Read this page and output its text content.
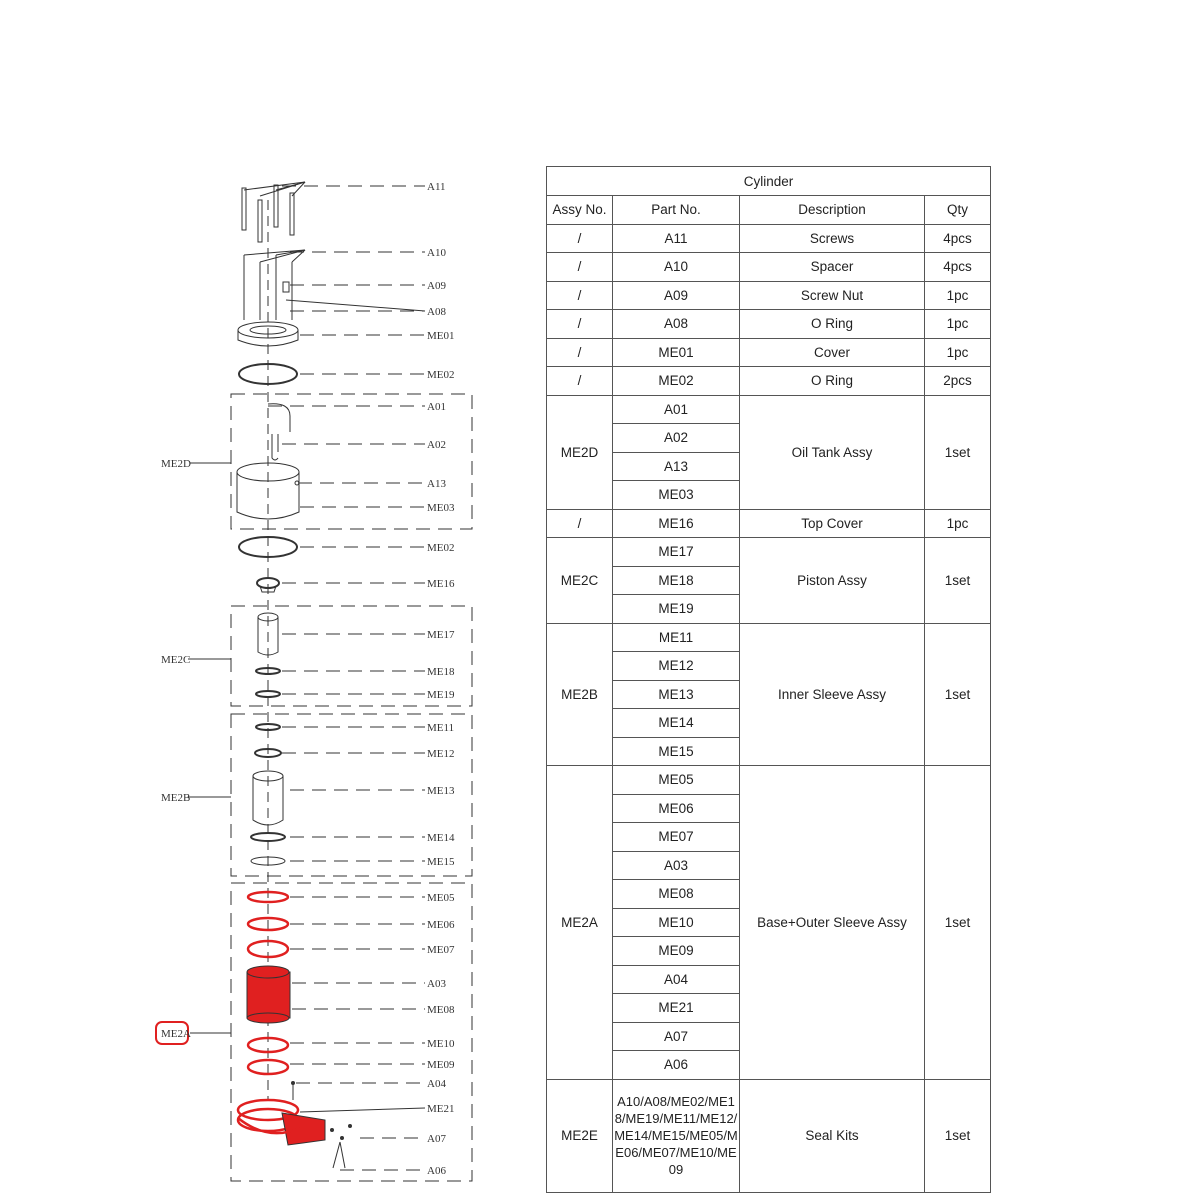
A11
A10
A09
A08
ME01
ME02
A01
A02
A13
ME03
ME02
ME16
ME17
ME18
ME19
ME11
ME12
ME13
ME14
ME15
ME05
ME06
ME07
A03
ME08
ME10
ME09
A04
ME21
A07
A06
ME2D
ME2C
ME2B
ME2A
Cylinder			
Assy No.	Part No.	Description	Qty
/	A11	Screws	4pcs
/	A10	Spacer	4pcs
/	A09	Screw Nut	1pc
/	A08	O Ring	1pc
/	ME01	Cover	1pc
/	ME02	O Ring	2pcs
ME2D	A01	Oil Tank Assy	1set
	A02		
	A13		
	ME03		
/	ME16	Top Cover	1pc
ME2C	ME17	Piston Assy	1set
	ME18		
	ME19		
ME2B	ME11	Inner Sleeve Assy	1set
	ME12		
	ME13		
	ME14		
	ME15		
ME2A	ME05	Base+Outer Sleeve Assy	1set
	ME06		
	ME07		
	A03		
	ME08		
	ME10		
	ME09		
	A04		
	ME21		
	A07		
	A06		
ME2E	A10/A08/ME02/ME18/ME19/ME11/ME12/ME14/ME15/ME05/ME06/ME07/ME10/ME09	Seal Kits	1set
